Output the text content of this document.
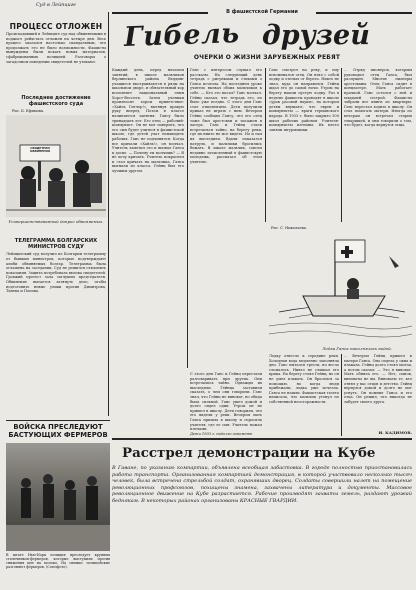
Суд в Лейпциге
ПРОЦЕСС ОТЛОЖЕН
Происходивший в Лейпциге суд над обвиняемыми в поджоге рейхстага отложен на четыре дня. Весь процесс оказался настолько скандальным, что продолжать его не было возможности. Фашисты вынуждены были искать новых материалов, сфабрикованных полицией. Разговоры о загадочном поведении свидетелей не утихают.
Последнее достижение фашистского суда
Рис. Б. Ефимова.
СВИДЕТЕЛИ ОБВИНЕНИЯ
Усовершенствованный допрос обвиняемых.
ТЕЛЕГРАММА БОЛГАРСКИХ МИНИСТРОВ СУДУ
Лейпцигский суд получил из Болгарии телеграмму от бывших министров, которые подтверждают алиби обвиняемых болгар. Телеграмма была оглашена на заседании. Суд не решился отклонить показания. Защита потребовала вызова свидетелей. Громкий протест зала заглушил председателя. Обвинение пытается затянуть дело, чтобы подготовить новые улики против Димитрова, Танева и Попова.
ВОЙСКА ПРЕСЛЕДУЮТ БАСТУЮЩИХ ФЕРМЕРОВ
В штате Нью-Йорк полиция преследует крупных стачечников-фермеров, которые выступили против снижения цен на молоко. На снимке: полицейские разгоняют фермеров. (Союзфото).
В фашистской Германии
Гибель друзей
ОЧЕРКИ О ЖИЗНИ ЗАРУБЕЖНЫХ РЕБЯТ
Каждый день, перед началом занятий, в школе мальчиков берлинского района Веддинг учащиеся выстраиваются в ряды на школьном дворе, и обязательный хор исполняет национальный гимн Хорст-Весселя. Затем ученики произносят хором приветствие: «Хайль Гитлер!», вытянув правую руку вперед. Потом в классе начинаются занятия. Гансу было тринадцать лет. Его отец — рабочий-коммунист. Он не мог поверить, что его сын будет учиться в фашистской школе, где детей учат ненавидеть рабочих. Ганс не подчинялся. Когда все кричали «Хайль!», он молчал. Учитель заметил это и вызвал Ганса к доске. — Почему ты молчишь? — Я не хочу кричать. Учитель покраснел и стал кричать на мальчика. Ганса выгнали из класса. Гейнц был его лучшим другом.
Ганс с интересом слушал его рассказы. На следующий день тетрадь с рисунками и стихами о Ганса исчезла. На последнем уроке учитель вызвал обоих мальчиков к себе. — Кто это писал? Ганс молчал. Гейнц сказал, что тетрадь его, но было уже поздно. С этого дня Ганс стал отщепенцем. Дети получили приказ не играть с ним. Вечером Гейнц сообщил Гансу, что его отец тоже был арестован и посажен в лагерь. Ганс и Гейнц стали встречаться тайно, на берегу реки, где их никто не мог видеть. Но и там их выследили. Вдали показался патруль, и мальчики бросились бежать. В школе мальчик, совсем недавно зачисленный в фашистскую молодежь, рассказал об этом учителю.
Ганс смотрел на реку, и ему вспоминался отец. Он взял с собой лодку и отплыл от берега. Никто не знал, куда он направился. Гейнц ждал его до самой ночи. Утром на берегу нашли пустую лодку. Раз в неделю фашисты проводят в школе «урок расовой науки», на котором детям внушают, что евреи и коммунисты — враги германского народа. В 1933 г. было закрыто 300 школ рабочих районов. Учителя-коммунисты изгнаны. Их место заняли штурмовики.
... Отряд пионеров, которым руководил отец Ганса, был распущен. Многие пионеры арестованы. Отец Ганса сидит в концлагере. Мать работает прачкой. Ганс остался с ней и младшей сестрой. Фашисты забрали все книги из квартиры. Ганс перестал ходить в школу. Он стал помогать матери. Иногда по вечерам он встречал старых товарищей, и они говорили о том, что будет, когда вернутся отцы.
Рис. С. Николаева.
Лодка Ганса наполнялась водой.
Лодку отнесло к середине реки. Холодная вода медленно заполняла дно. Ганс пытался грести, но весло сломалось. Никто не слышал его крика. На берегу стоял Гейнц, но он не умел плавать. Он бросился за помощью, но когда люди прибежали, лодка уже исчезла. Ганса не нашли. Фашистская газета написала, что мальчик утонул по собственной неосторожности.
... Вечером Гейнц пришел к матери Ганса. Она сидела у окна и плакала. Гейнц долго стоял молча, а потом сказал: — Это я виноват. Мать обняла его. — Нет, сынок, виноваты не вы. Виноваты те, кто отнял у вас отцов и детство. Гейнц вернулся домой и долго не мог уснуть. Он помнил Ганса и его отца. Он решил, что никогда не забудет своего друга.
И. КАДИМОВ.
С этого дня Ганс и Гейнц перестали разговаривать при других. Они встречались тайно. Однажды их выследили. Гейнца заставили сказать, о чем они говорили. Ганс знал, что Гейнц не виноват, но обида была сильной. Ганс ушел домой и долго сидел один. Утром он не пришел в школу. Дети говорили, что его видели у реки. Вечером мать Ганса пришла в школу и спросила учителя, где ее сын. Учитель пожал плечами.
Дети 1933 г. надолго запомнят
Расстрел демонстрации на Кубе
В Гаване, по указанию компартии, объявлена всеобщая забастовка. В городе полностью приостановилась работа транспорта. Организованная компартией демонстрация, в которой участвовало несколько тысяч человек, была встречена стрельбой солдат, охранявших дворец. Солдаты совершили налет на помещение революционных профсоюзов, похищены знамена, захвачены литература и документы. Массовое революционное движение на Кубе разрастается. Рабочие производят захваты земель, раздают урожай беднякам. В некоторых районах организованы КРАСНЫЕ ГВАРДИИ.
